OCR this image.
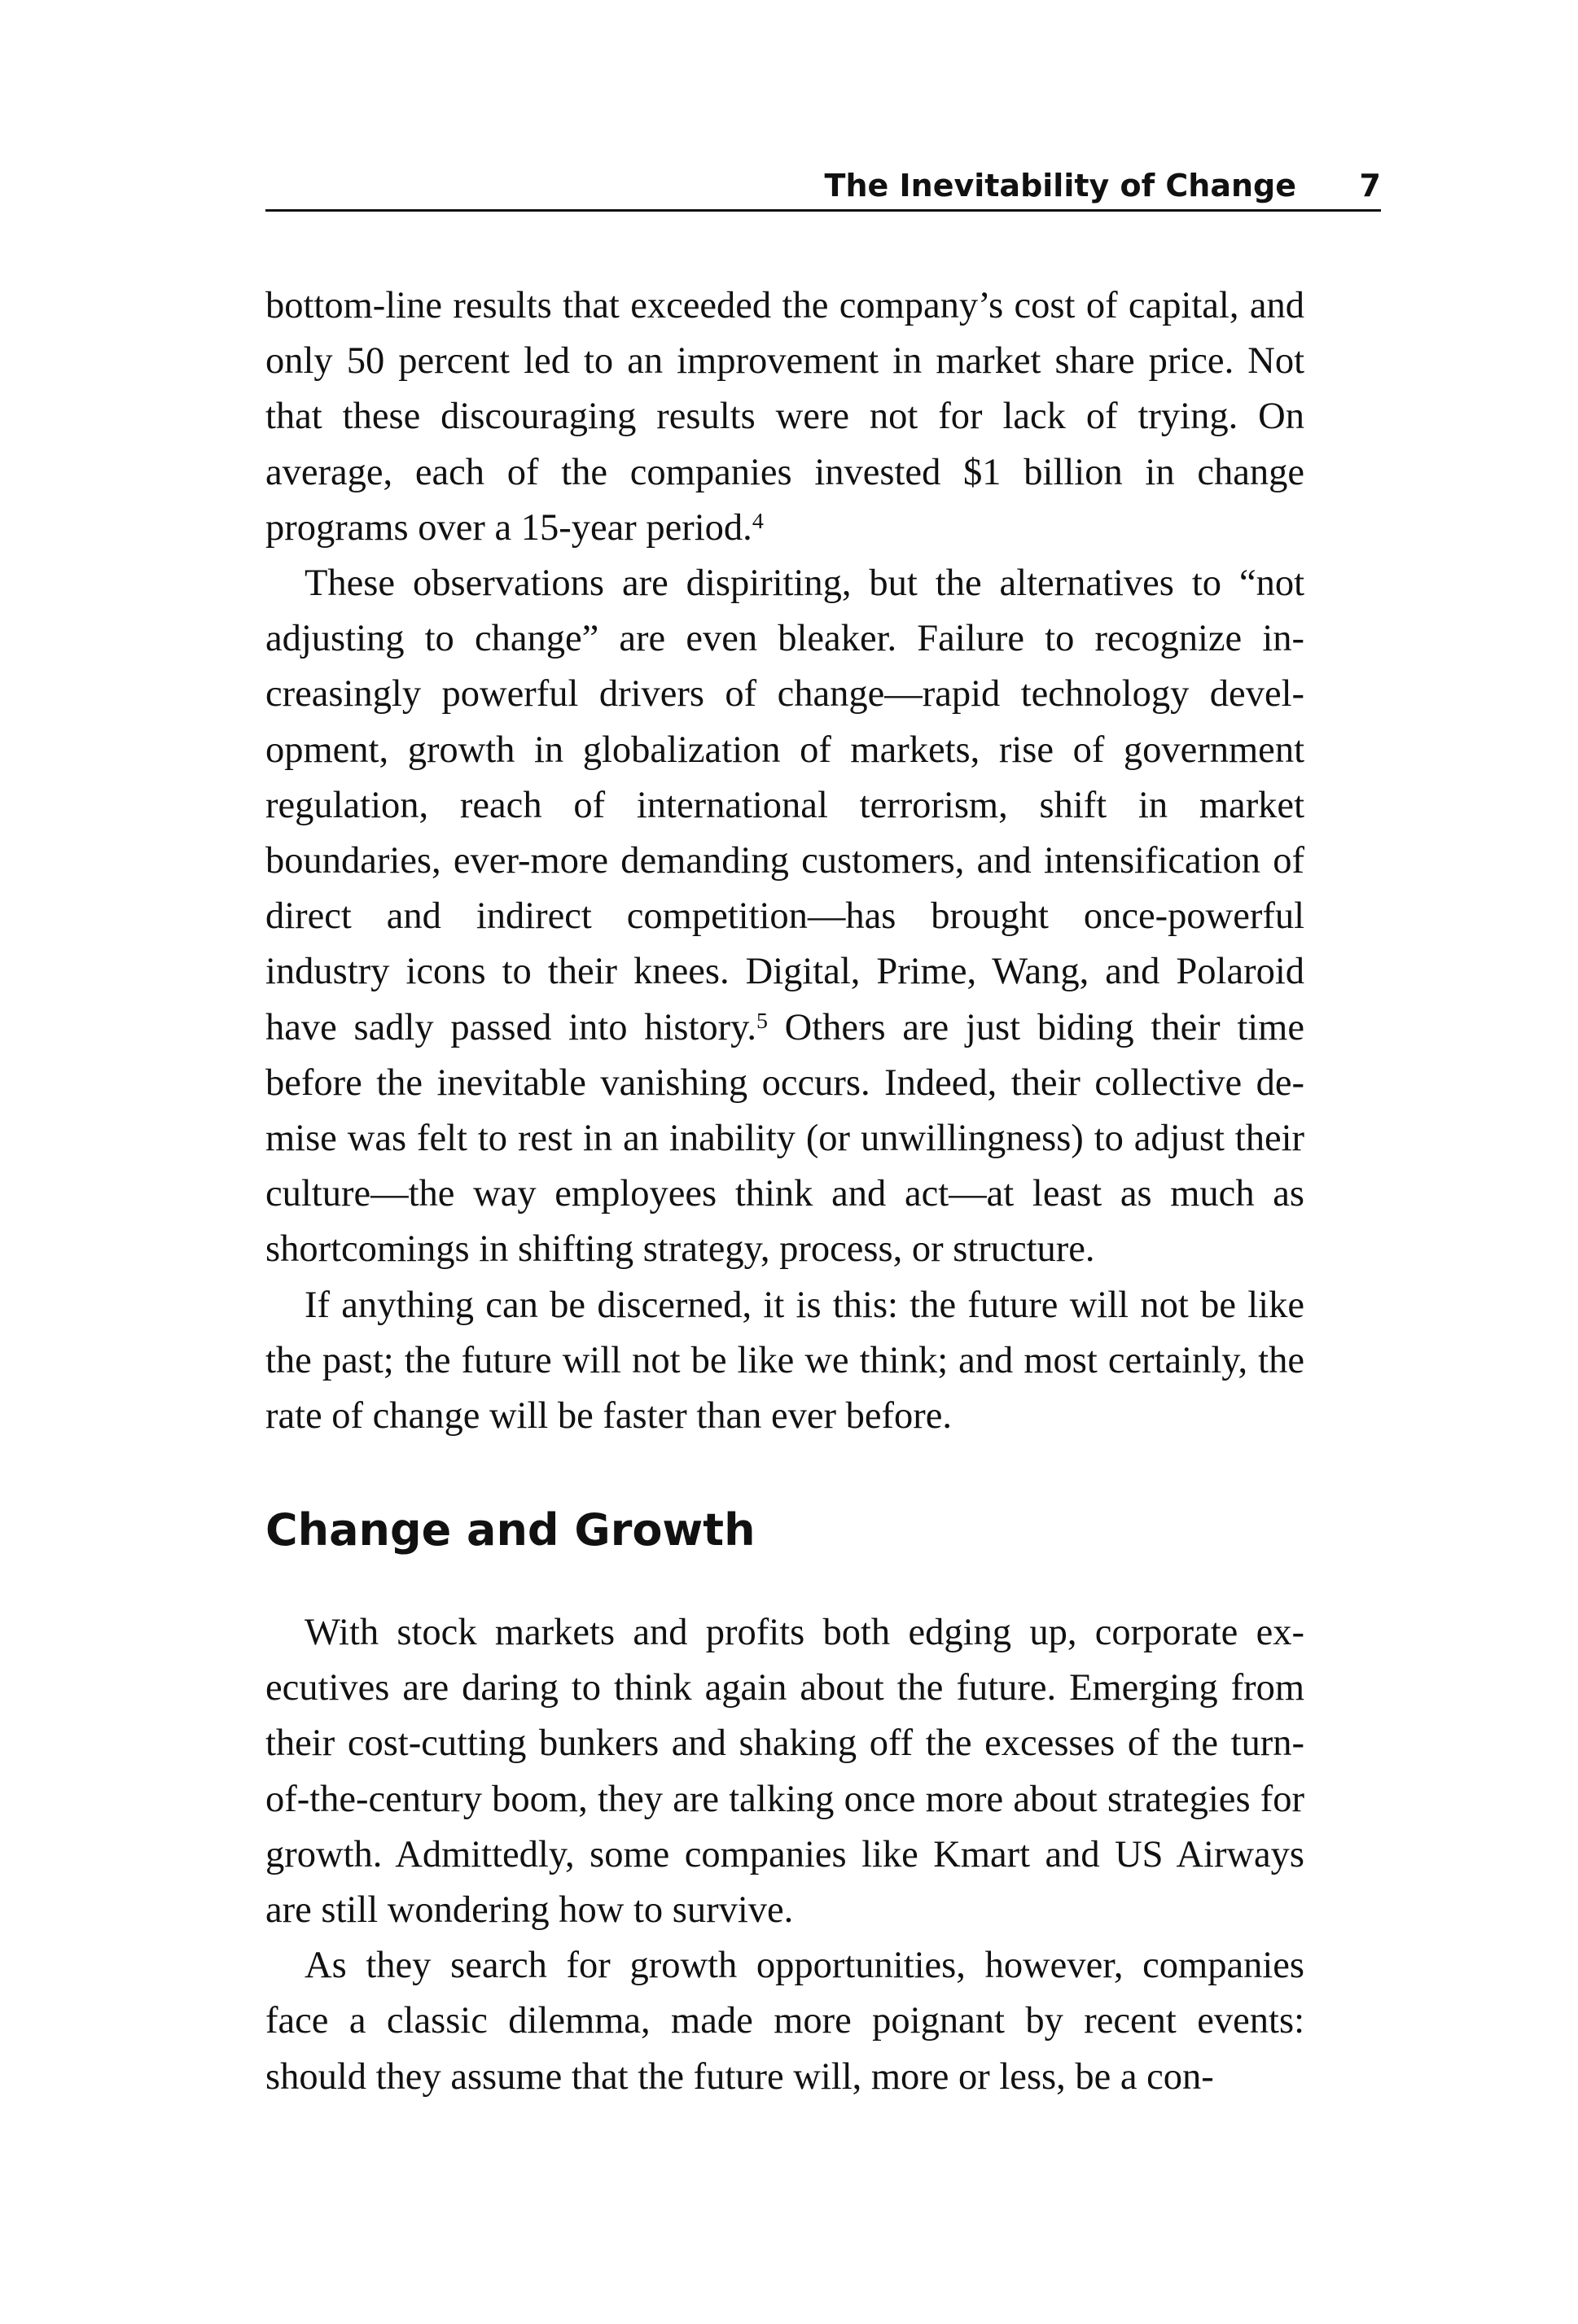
The Inevitability of Change 7

bottom-line results that exceeded the company’s cost of capital, and only 50 percent led to an improvement in market share price. Not that these discouraging results were not for lack of trying. On average, each of the companies invested $1 billion in change programs over a 15-year period.$^4$

These observations are dispiriting, but the alternatives to “not adjusting to change” are even bleaker. Failure to recognize increasingly powerful drivers of change—rapid technology development, growth in globalization of markets, rise of government regulation, reach of international terrorism, shift in market boundaries, ever-more demanding customers, and intensification of direct and indirect competition—has brought once-powerful industry icons to their knees. Digital, Prime, Wang, and Polaroid have sadly passed into history.$^5$ Others are just biding their time before the inevitable vanishing occurs. Indeed, their collective demise was felt to rest in an inability (or unwillingness) to adjust their culture—the way employees think and act—at least as much as shortcomings in shifting strategy, process, or structure.

If anything can be discerned, it is this: the future will not be like the past; the future will not be like we think; and most certainly, the rate of change will be faster than ever before.

Change and Growth

With stock markets and profits both edging up, corporate executives are daring to think again about the future. Emerging from their cost-cutting bunkers and shaking off the excesses of the turn-of-the-century boom, they are talking once more about strategies for growth. Admittedly, some companies like Kmart and US Airways are still wondering how to survive.

As they search for growth opportunities, however, companies face a classic dilemma, made more poignant by recent events: should they assume that the future will, more or less, be a con-
